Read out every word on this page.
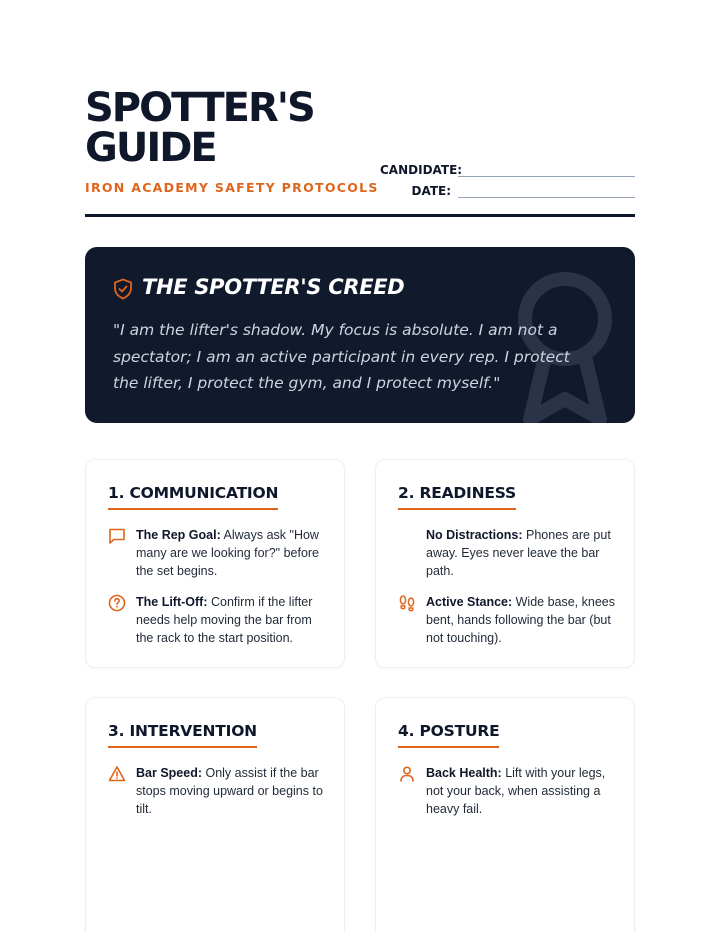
SPOTTER'S
GUIDE
IRON ACADEMY SAFETY PROTOCOLS
CANDIDATE:
DATE:
THE SPOTTER'S CREED
"I am the lifter's shadow. My focus is absolute. I am not a spectator; I am an active participant in every rep. I protect the lifter, I protect the gym, and I protect myself."
1. COMMUNICATION
The Rep Goal: Always ask "How many are we looking for?" before the set begins.
The Lift-Off: Confirm if the lifter needs help moving the bar from the rack to the start position.
2. READINESS
No Distractions: Phones are put away. Eyes never leave the bar path.
Active Stance: Wide base, knees bent, hands following the bar (but not touching).
3. INTERVENTION
Bar Speed: Only assist if the bar stops moving upward or begins to tilt.
4. POSTURE
Back Health: Lift with your legs, not your back, when assisting a heavy fail.
